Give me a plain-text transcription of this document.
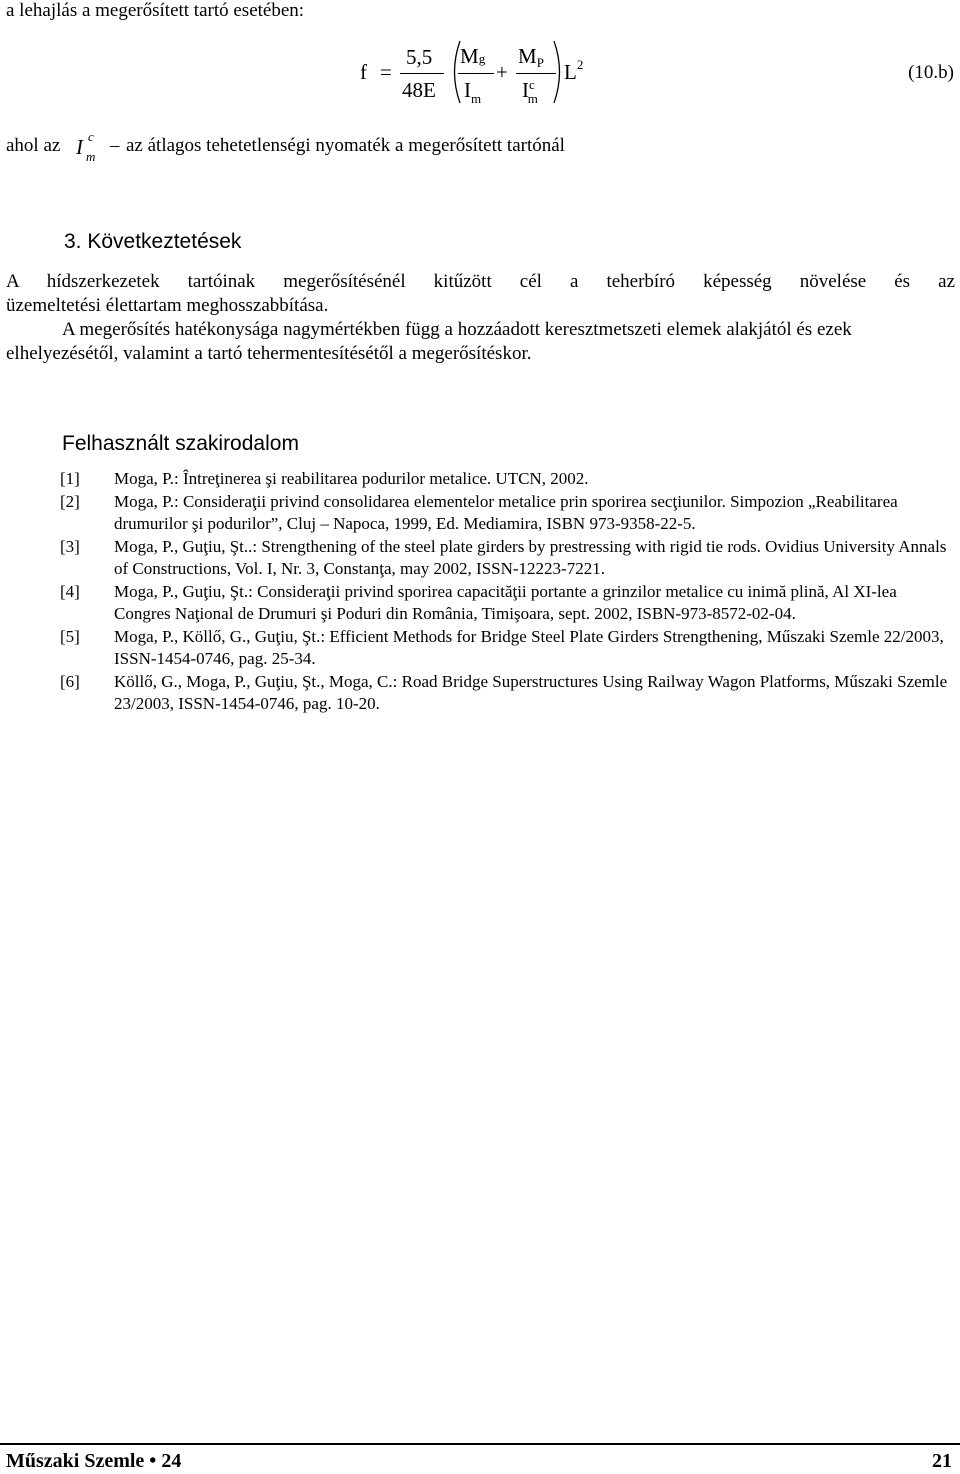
a lehajlás a megerősített tartó esetében:
f =
5,5
48E
Mg
$I_m$
+
MP
$I^c_m$
$L^2$	(10.b)
ahol az I c
m
– az átlagos tehetetlenségi nyomaték a megerősített tartónál
3. Következtetések
A hídszerkezetek tartóinak megerősítésénél kitűzött cél a teherbíró képesség növelése és az
üzemeltetési élettartam meghosszabbítása.
A megerősítés hatékonysága nagymértékben függ a hozzáadott keresztmetszeti elemek alakjától és ezek
elhelyezésétől, valamint a tartó tehermentesítésétől a megerősítéskor.
Felhasznált szakirodalom
[1] Moga, P.: Întreţinerea şi reabilitarea podurilor metalice. UTCN, 2002.
[2] Moga, P.: Consideraţii privind consolidarea elementelor metalice prin sporirea secţiunilor. Simpozion „Reabilitarea drumurilor şi podurilor”, Cluj – Napoca, 1999, Ed. Mediamira, ISBN 973-9358-22-5.
[3] Moga, P., Guţiu, Şt..: Strengthening of the steel plate girders by prestressing with rigid tie rods. Ovidius University Annals of Constructions, Vol. I, Nr. 3, Constanţa, may 2002, ISSN-12223-7221.
[4] Moga, P., Guţiu, Şt.: Consideraţii privind sporirea capacităţii portante a grinzilor metalice cu inimă plină, Al XI-lea Congres Naţional de Drumuri şi Poduri din România, Timişoara, sept. 2002, ISBN-973-8572-02-04.
[5] Moga, P., Köllő, G., Guţiu, Şt.: Efficient Methods for Bridge Steel Plate Girders Strengthening, Műszaki Szemle 22/2003, ISSN-1454-0746, pag. 25-34.
[6] Köllő, G., Moga, P., Guţiu, Şt., Moga, C.: Road Bridge Superstructures Using Railway Wagon Platforms, Műszaki Szemle 23/2003, ISSN-1454-0746, pag. 10-20.
Műszaki Szemle • 24	21
